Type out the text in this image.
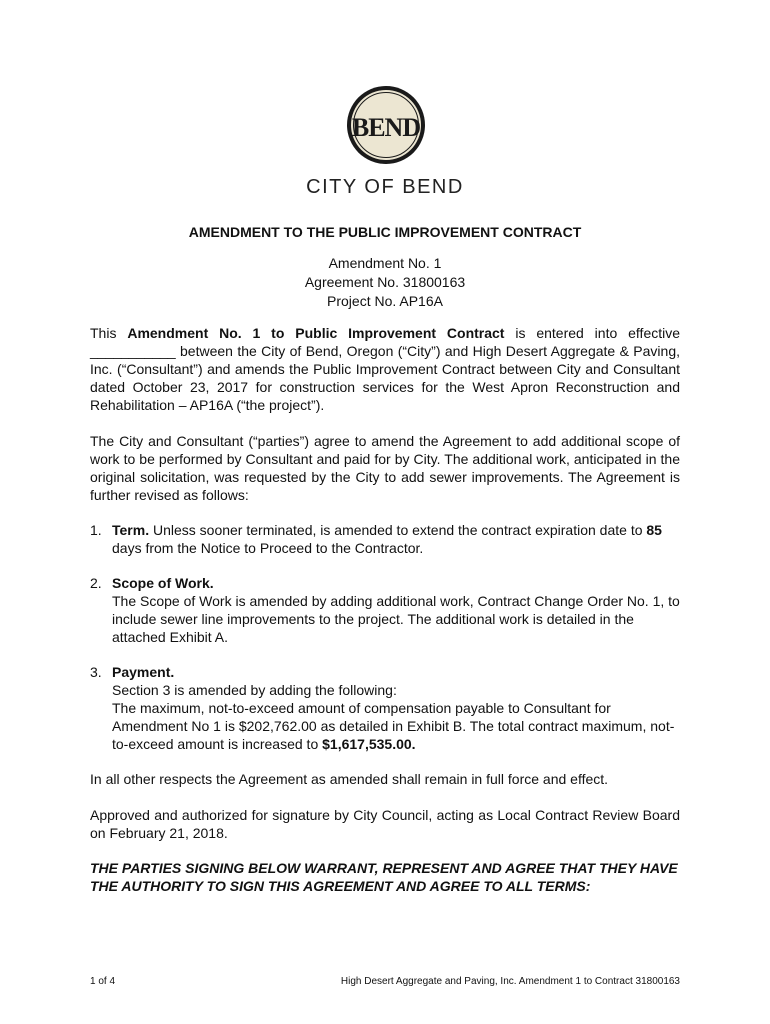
BEND
CITY OF BEND
AMENDMENT TO THE PUBLIC IMPROVEMENT CONTRACT
Amendment No. 1
Agreement No. 31800163
Project No. AP16A
This Amendment No. 1 to Public Improvement Contract is entered into effective ___________ between the City of Bend, Oregon (“City”) and High Desert Aggregate & Paving, Inc. (“Consultant”) and amends the Public Improvement Contract between City and Consultant dated October 23, 2017 for construction services for the West Apron Reconstruction and Rehabilitation – AP16A (“the project”).
The City and Consultant (“parties”) agree to amend the Agreement to add additional scope of work to be performed by Consultant and paid for by City. The additional work, anticipated in the original solicitation, was requested by the City to add sewer improvements. The Agreement is further revised as follows:
1. Term. Unless sooner terminated, is amended to extend the contract expiration date to 85 days from the Notice to Proceed to the Contractor.
2. Scope of Work.
The Scope of Work is amended by adding additional work, Contract Change Order No. 1, to include sewer line improvements to the project. The additional work is detailed in the attached Exhibit A.
3. Payment.
Section 3 is amended by adding the following:
The maximum, not-to-exceed amount of compensation payable to Consultant for Amendment No 1 is $202,762.00 as detailed in Exhibit B. The total contract maximum, not-to-exceed amount is increased to $1,617,535.00.
In all other respects the Agreement as amended shall remain in full force and effect.
Approved and authorized for signature by City Council, acting as Local Contract Review Board on February 21, 2018.
THE PARTIES SIGNING BELOW WARRANT, REPRESENT AND AGREE THAT THEY HAVE THE AUTHORITY TO SIGN THIS AGREEMENT AND AGREE TO ALL TERMS:
1 of 4	High Desert Aggregate and Paving, Inc. Amendment 1 to Contract 31800163
